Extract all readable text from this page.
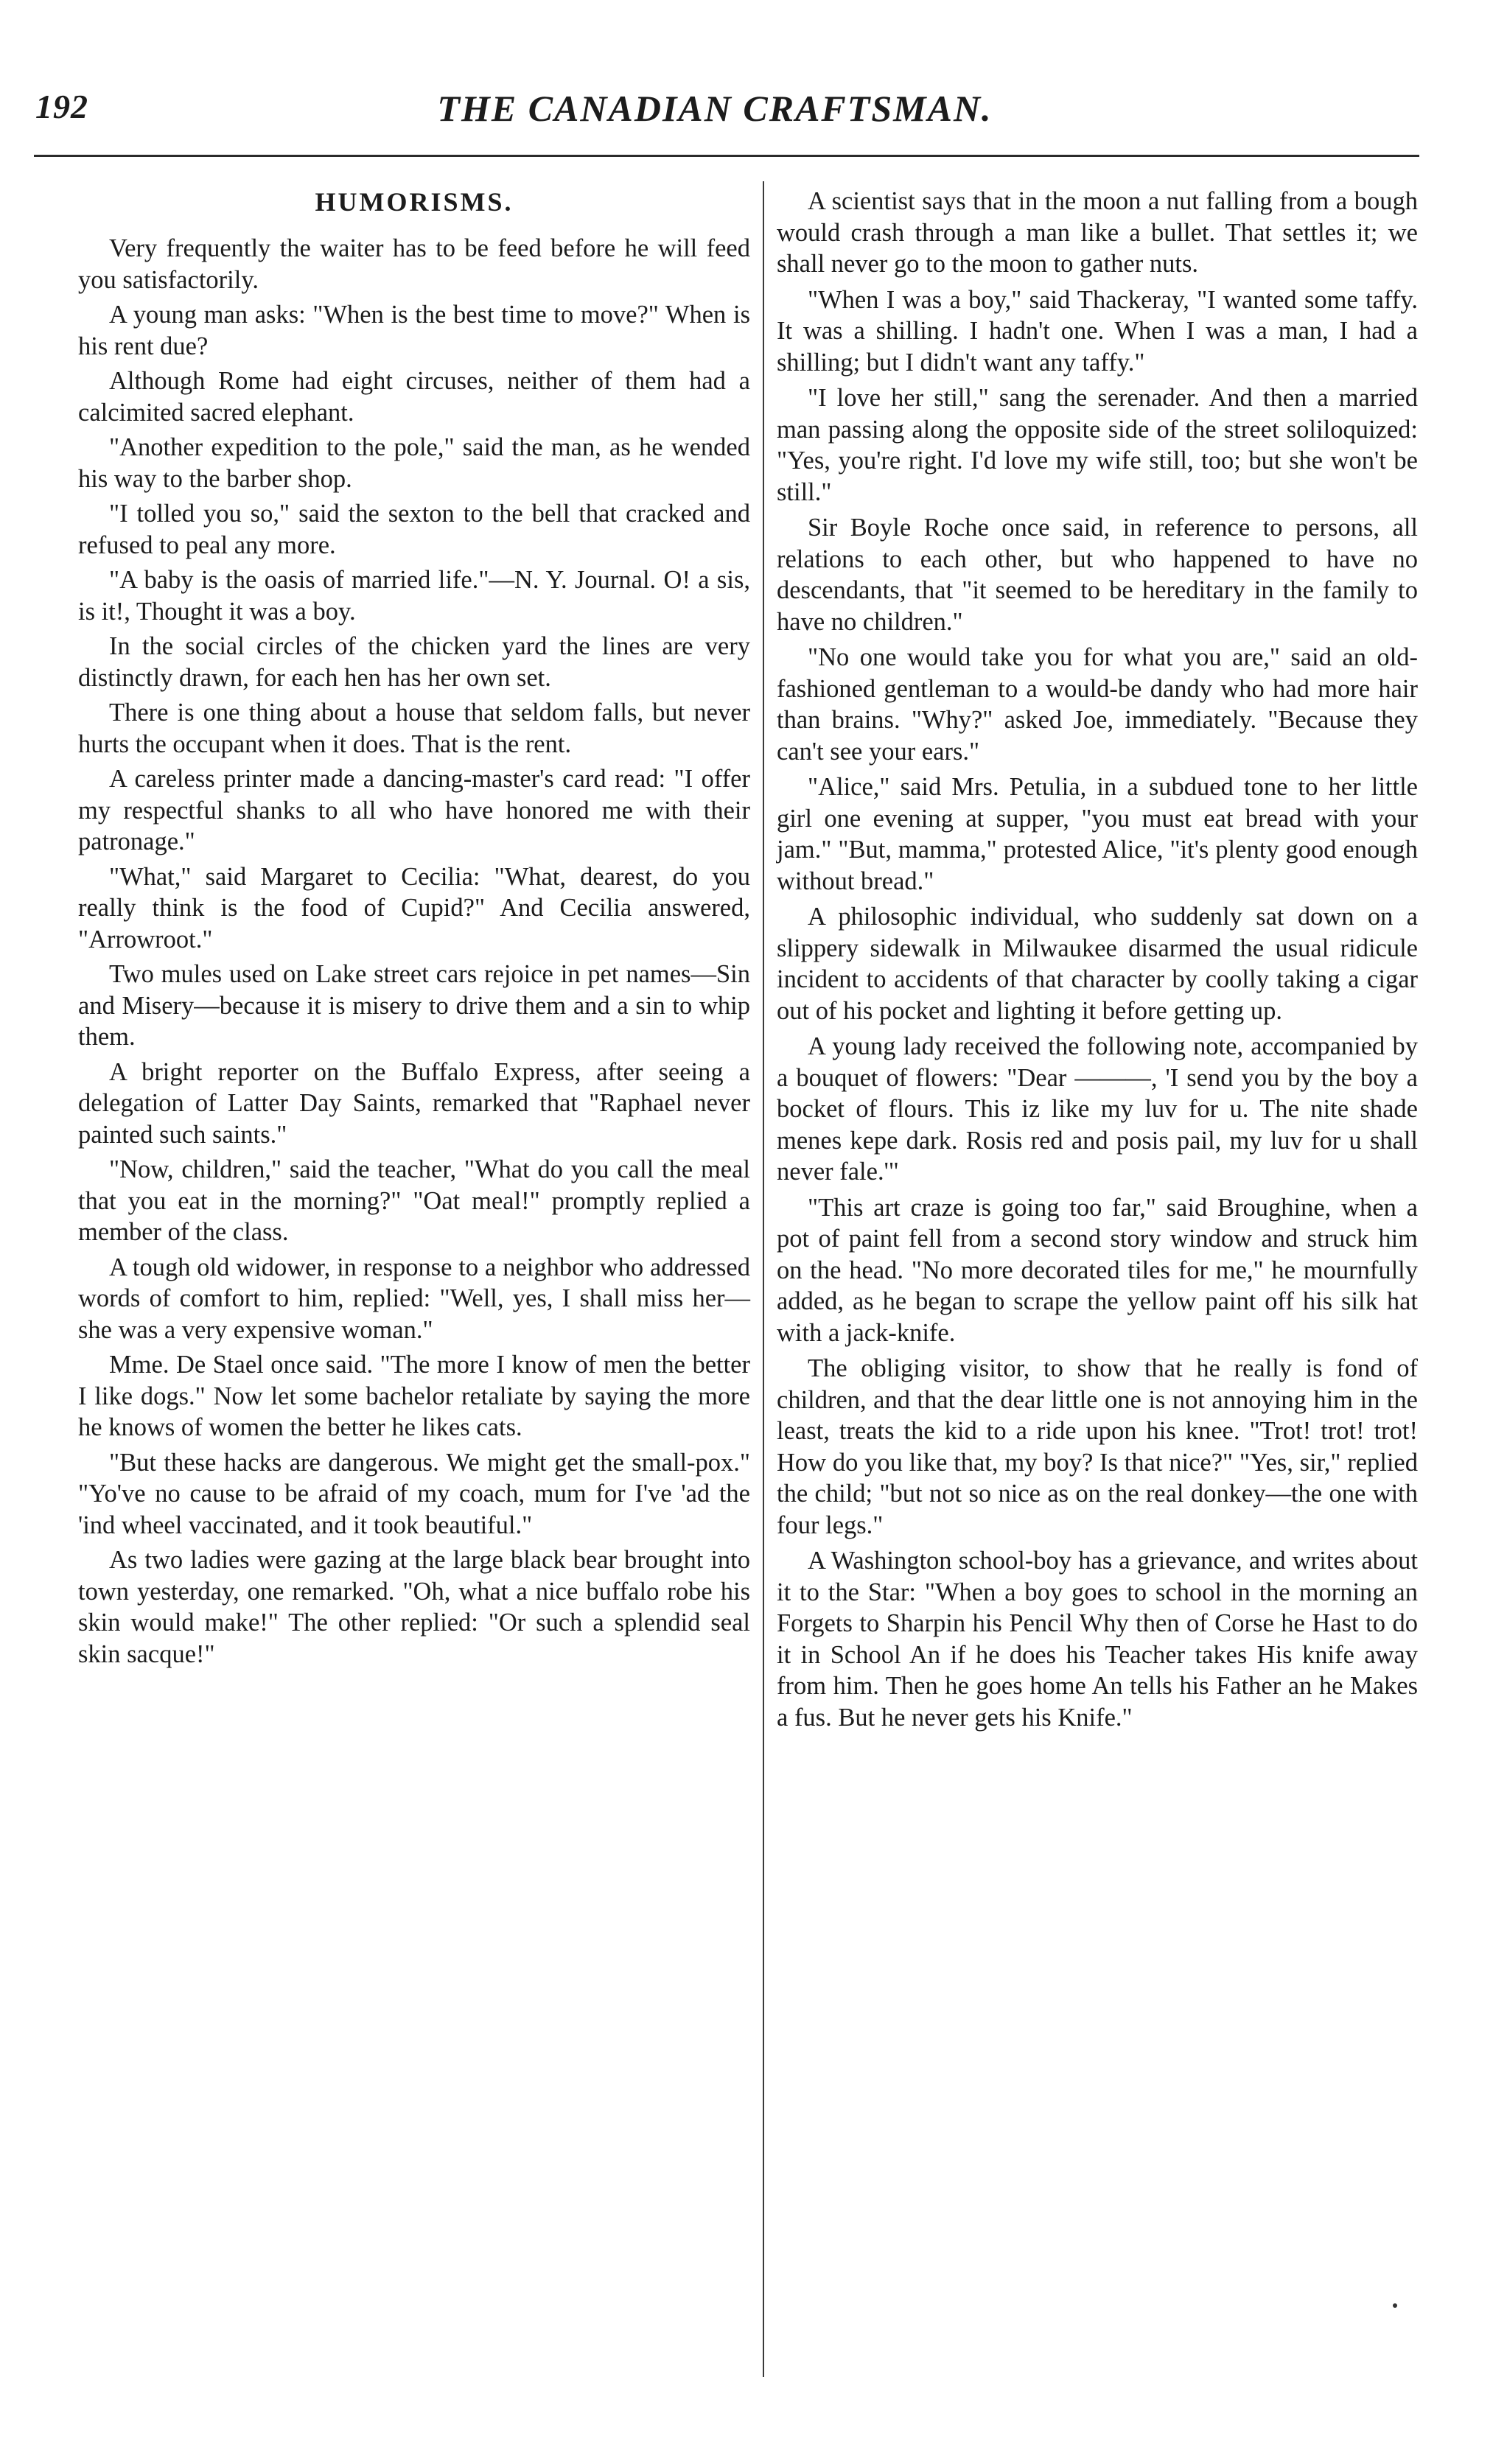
192	THE CANADIAN CRAFTSMAN.
HUMORISMS.

Very frequently the waiter has to be feed before he will feed you satisfactorily.

A young man asks: "When is the best time to move?" When is his rent due?

Although Rome had eight circuses, neither of them had a calcimited sacred elephant.

"Another expedition to the pole," said the man, as he wended his way to the barber shop.

"I tolled you so," said the sexton to the bell that cracked and refused to peal any more.

"A baby is the oasis of married life."—N. Y. Journal. O! a sis, is it!, Thought it was a boy.

In the social circles of the chicken yard the lines are very distinctly drawn, for each hen has her own set.

There is one thing about a house that seldom falls, but never hurts the occupant when it does. That is the rent.

A careless printer made a dancing-master's card read: "I offer my respectful shanks to all who have honored me with their patronage."

"What," said Margaret to Cecilia: "What, dearest, do you really think is the food of Cupid?" And Cecilia answered, "Arrowroot."

Two mules used on Lake street cars rejoice in pet names—Sin and Misery—because it is misery to drive them and a sin to whip them.

A bright reporter on the Buffalo Express, after seeing a delegation of Latter Day Saints, remarked that "Raphael never painted such saints."

"Now, children," said the teacher, "What do you call the meal that you eat in the morning?" "Oat meal!" promptly replied a member of the class.

A tough old widower, in response to a neighbor who addressed words of comfort to him, replied: "Well, yes, I shall miss her—she was a very expensive woman."

Mme. De Stael once said. "The more I know of men the better I like dogs." Now let some bachelor retaliate by saying the more he knows of women the better he likes cats.

"But these hacks are dangerous. We might get the small-pox." "Yo've no cause to be afraid of my coach, mum for I've 'ad the 'ind wheel vaccinated, and it took beautiful."

As two ladies were gazing at the large black bear brought into town yesterday, one remarked. "Oh, what a nice buffalo robe his skin would make!" The other replied: "Or such a splendid seal skin sacque!"

A scientist says that in the moon a nut falling from a bough would crash through a man like a bullet. That settles it; we shall never go to the moon to gather nuts.

"When I was a boy," said Thackeray, "I wanted some taffy. It was a shilling. I hadn't one. When I was a man, I had a shilling; but I didn't want any taffy."

"I love her still," sang the serenader. And then a married man passing along the opposite side of the street soliloquized: "Yes, you're right. I'd love my wife still, too; but she won't be still."

Sir Boyle Roche once said, in reference to persons, all relations to each other, but who happened to have no descendants, that "it seemed to be hereditary in the family to have no children."

"No one would take you for what you are," said an old-fashioned gentleman to a would-be dandy who had more hair than brains. "Why?" asked Joe, immediately. "Because they can't see your ears."

"Alice," said Mrs. Petulia, in a subdued tone to her little girl one evening at supper, "you must eat bread with your jam." "But, mamma," protested Alice, "it's plenty good enough without bread."

A philosophic individual, who suddenly sat down on a slippery sidewalk in Milwaukee disarmed the usual ridicule incident to accidents of that character by coolly taking a cigar out of his pocket and lighting it before getting up.

A young lady received the following note, accompanied by a bouquet of flowers: "Dear ———, 'I send you by the boy a bocket of flours. This iz like my luv for u. The nite shade menes kepe dark. Rosis red and posis pail, my luv for u shall never fale.'"

"This art craze is going too far," said Broughine, when a pot of paint fell from a second story window and struck him on the head. "No more decorated tiles for me," he mournfully added, as he began to scrape the yellow paint off his silk hat with a jack-knife.

The obliging visitor, to show that he really is fond of children, and that the dear little one is not annoying him in the least, treats the kid to a ride upon his knee. "Trot! trot! trot! How do you like that, my boy? Is that nice?" "Yes, sir," replied the child; "but not so nice as on the real donkey—the one with four legs."

A Washington school-boy has a grievance, and writes about it to the Star: "When a boy goes to school in the morning an Forgets to Sharpin his Pencil Why then of Corse he Hast to do it in School An if he does his Teacher takes His knife away from him. Then he goes home An tells his Father an he Makes a fus. But he never gets his Knife."
